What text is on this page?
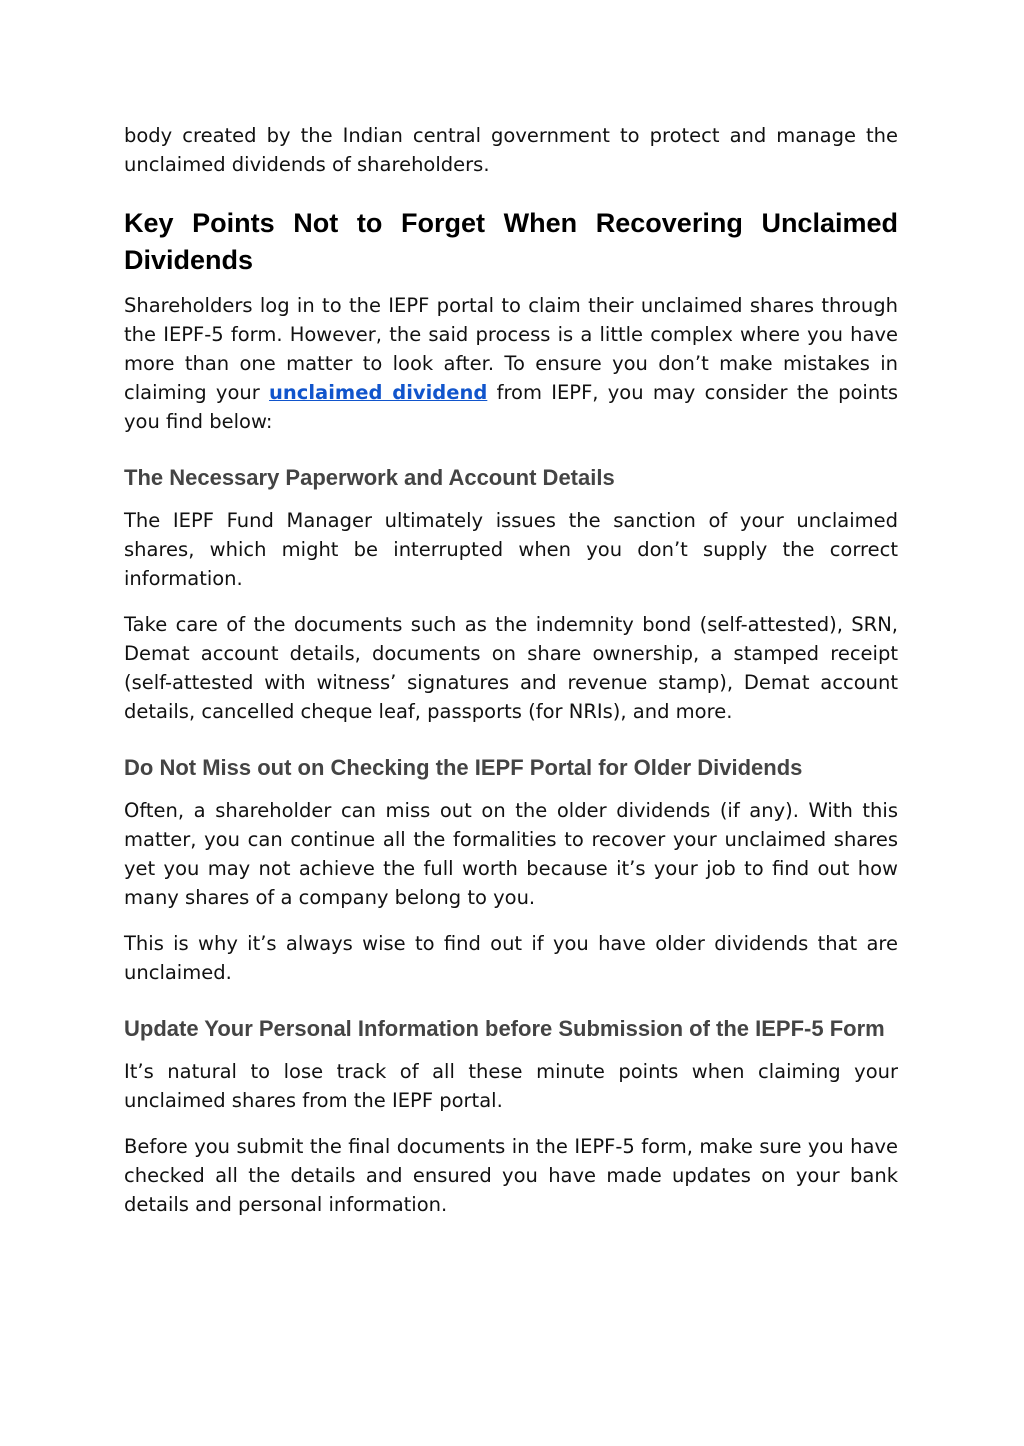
body created by the Indian central government to protect and manage the unclaimed dividends of shareholders.

Key Points Not to Forget When Recovering Unclaimed Dividends

Shareholders log in to the IEPF portal to claim their unclaimed shares through the IEPF-5 form. However, the said process is a little complex where you have more than one matter to look after. To ensure you don’t make mistakes in claiming your unclaimed dividend from IEPF, you may consider the points you find below:

The Necessary Paperwork and Account Details

The IEPF Fund Manager ultimately issues the sanction of your unclaimed shares, which might be interrupted when you don’t supply the correct information.

Take care of the documents such as the indemnity bond (self-attested), SRN, Demat account details, documents on share ownership, a stamped receipt (self-attested with witness’ signatures and revenue stamp), Demat account details, cancelled cheque leaf, passports (for NRIs), and more.

Do Not Miss out on Checking the IEPF Portal for Older Dividends

Often, a shareholder can miss out on the older dividends (if any). With this matter, you can continue all the formalities to recover your unclaimed shares yet you may not achieve the full worth because it’s your job to find out how many shares of a company belong to you.

This is why it’s always wise to find out if you have older dividends that are unclaimed.

Update Your Personal Information before Submission of the IEPF-5 Form

It’s natural to lose track of all these minute points when claiming your unclaimed shares from the IEPF portal.

Before you submit the final documents in the IEPF-5 form, make sure you have checked all the details and ensured you have made updates on your bank details and personal information.
